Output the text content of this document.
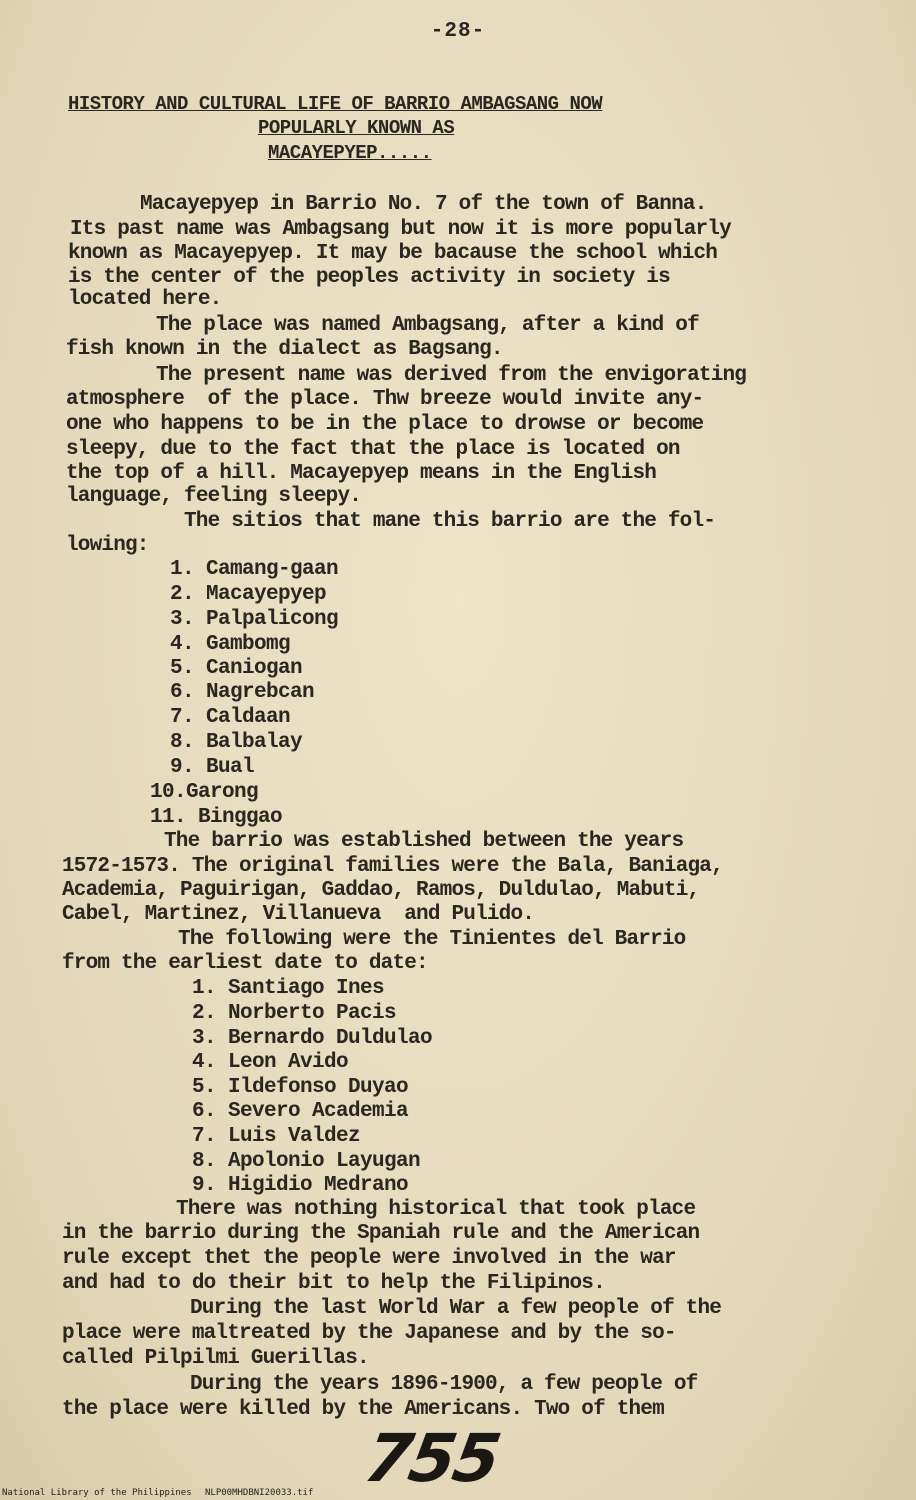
-28-
HISTORY AND CULTURAL LIFE OF BARRIO AMBAGSANG NOW
POPULARLY KNOWN AS
MACAYEPYEP.....
Macayepyep in Barrio No. 7 of the town of Banna.
Its past name was Ambagsang but now it is more popularly
known as Macayepyep. It may be bacause the school which
is the center of the peoples activity in society is
located here.
The place was named Ambagsang, after a kind of
fish known in the dialect as Bagsang.
The present name was derived from the envigorating
atmosphere  of the place. Thw breeze would invite any-
one who happens to be in the place to drowse or become
sleepy, due to the fact that the place is located on
the top of a hill. Macayepyep means in the English
language, feeling sleepy.
The sitios that mane this barrio are the fol-
lowing:
1. Camang-gaan
2. Macayepyep
3. Palpalicong
4. Gambomg
5. Caniogan
6. Nagrebcan
7. Caldaan
8. Balbalay
9. Bual
10.Garong
11. Binggao
The barrio was established between the years
1572-1573. The original families were the Bala, Baniaga,
Academia, Paguirigan, Gaddao, Ramos, Duldulao, Mabuti,
Cabel, Martinez, Villanueva  and Pulido.
The following were the Tinientes del Barrio
from the earliest date to date:
1. Santiago Ines
2. Norberto Pacis
3. Bernardo Duldulao
4. Leon Avido
5. Ildefonso Duyao
6. Severo Academia
7. Luis Valdez
8. Apolonio Layugan
9. Higidio Medrano
There was nothing historical that took place
in the barrio during the Spaniah rule and the American
rule except thet the people were involved in the war
and had to do their bit to help the Filipinos.
During the last World War a few people of the
place were maltreated by the Japanese and by the so-
called Pilpilmi Guerillas.
During the years 1896-1900, a few people of
the place were killed by the Americans. Two of them
755
National Library of the Philippines NLP00MHDBNI20033.tif
